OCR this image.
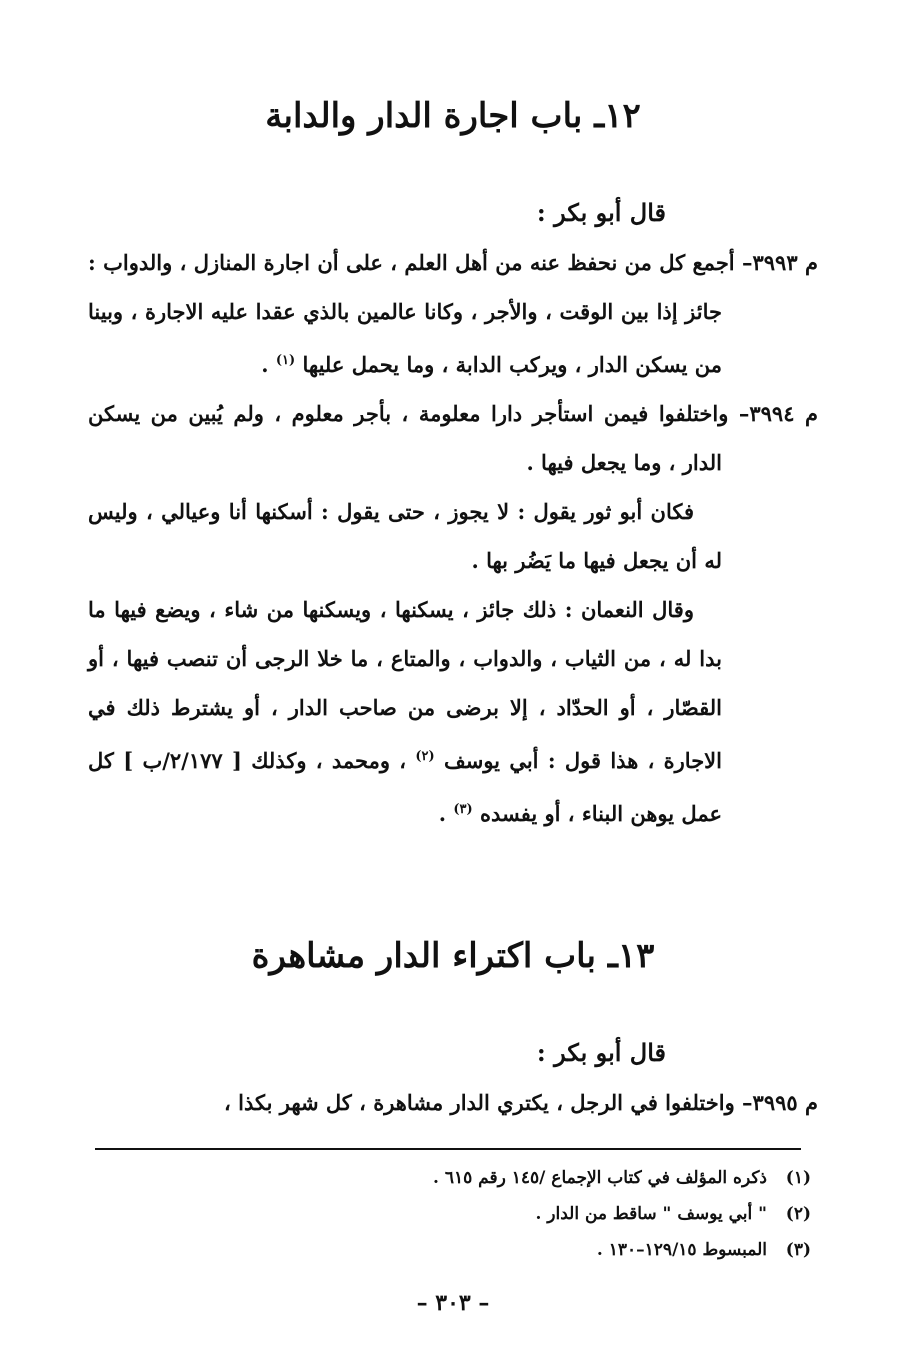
١٢ـ باب اجارة الدار والدابة

قال أبو بكر :

م ٣٩٩٣– أجمع كل من نحفظ عنه من أهل العلم ، على أن اجارة المنازل ، والدواب : جائز إذا بين الوقت ، والأجر ، وكانا عالمين بالذي عقدا عليه الاجارة ، وبينا من يسكن الدار ، ويركب الدابة ، وما يحمل عليها $^{(١)}$ .

م ٣٩٩٤– واختلفوا فيمن استأجر دارا معلومة ، بأجر معلوم ، ولم يُبين من يسكن الدار ، وما يجعل فيها .

فكان أبو ثور يقول : لا يجوز ، حتى يقول : أسكنها أنا وعيالي ، وليس له أن يجعل فيها ما يَضُر بها .

وقال النعمان : ذلك جائز ، يسكنها ، ويسكنها من شاء ، ويضع فيها ما بدا له ، من الثياب ، والدواب ، والمتاع ، ما خلا الرجى أن تنصب فيها ، أو القصّار ، أو الحدّاد ، إلا برضى من صاحب الدار ، أو يشترط ذلك في الاجارة ، هذا قول : أبي يوسف $^{(٢)}$ ، ومحمد ، وكذلك [ ٢/١٧٧/ب ] كل عمل يوهن البناء ، أو يفسده $^{(٣)}$ .

١٣ـ باب اكتراء الدار مشاهرة

قال أبو بكر :

م ٣٩٩٥– واختلفوا في الرجل ، يكتري الدار مشاهرة ، كل شهر بكذا ،

(١)ذكره المؤلف في كتاب الإجماع /١٤٥ رقم ٦١٥ .

(٢)" أبي يوسف " ساقط من الدار .

(٣)المبسوط ١٢٩/١٥–١٣٠ .

– ٣٠٣ –
